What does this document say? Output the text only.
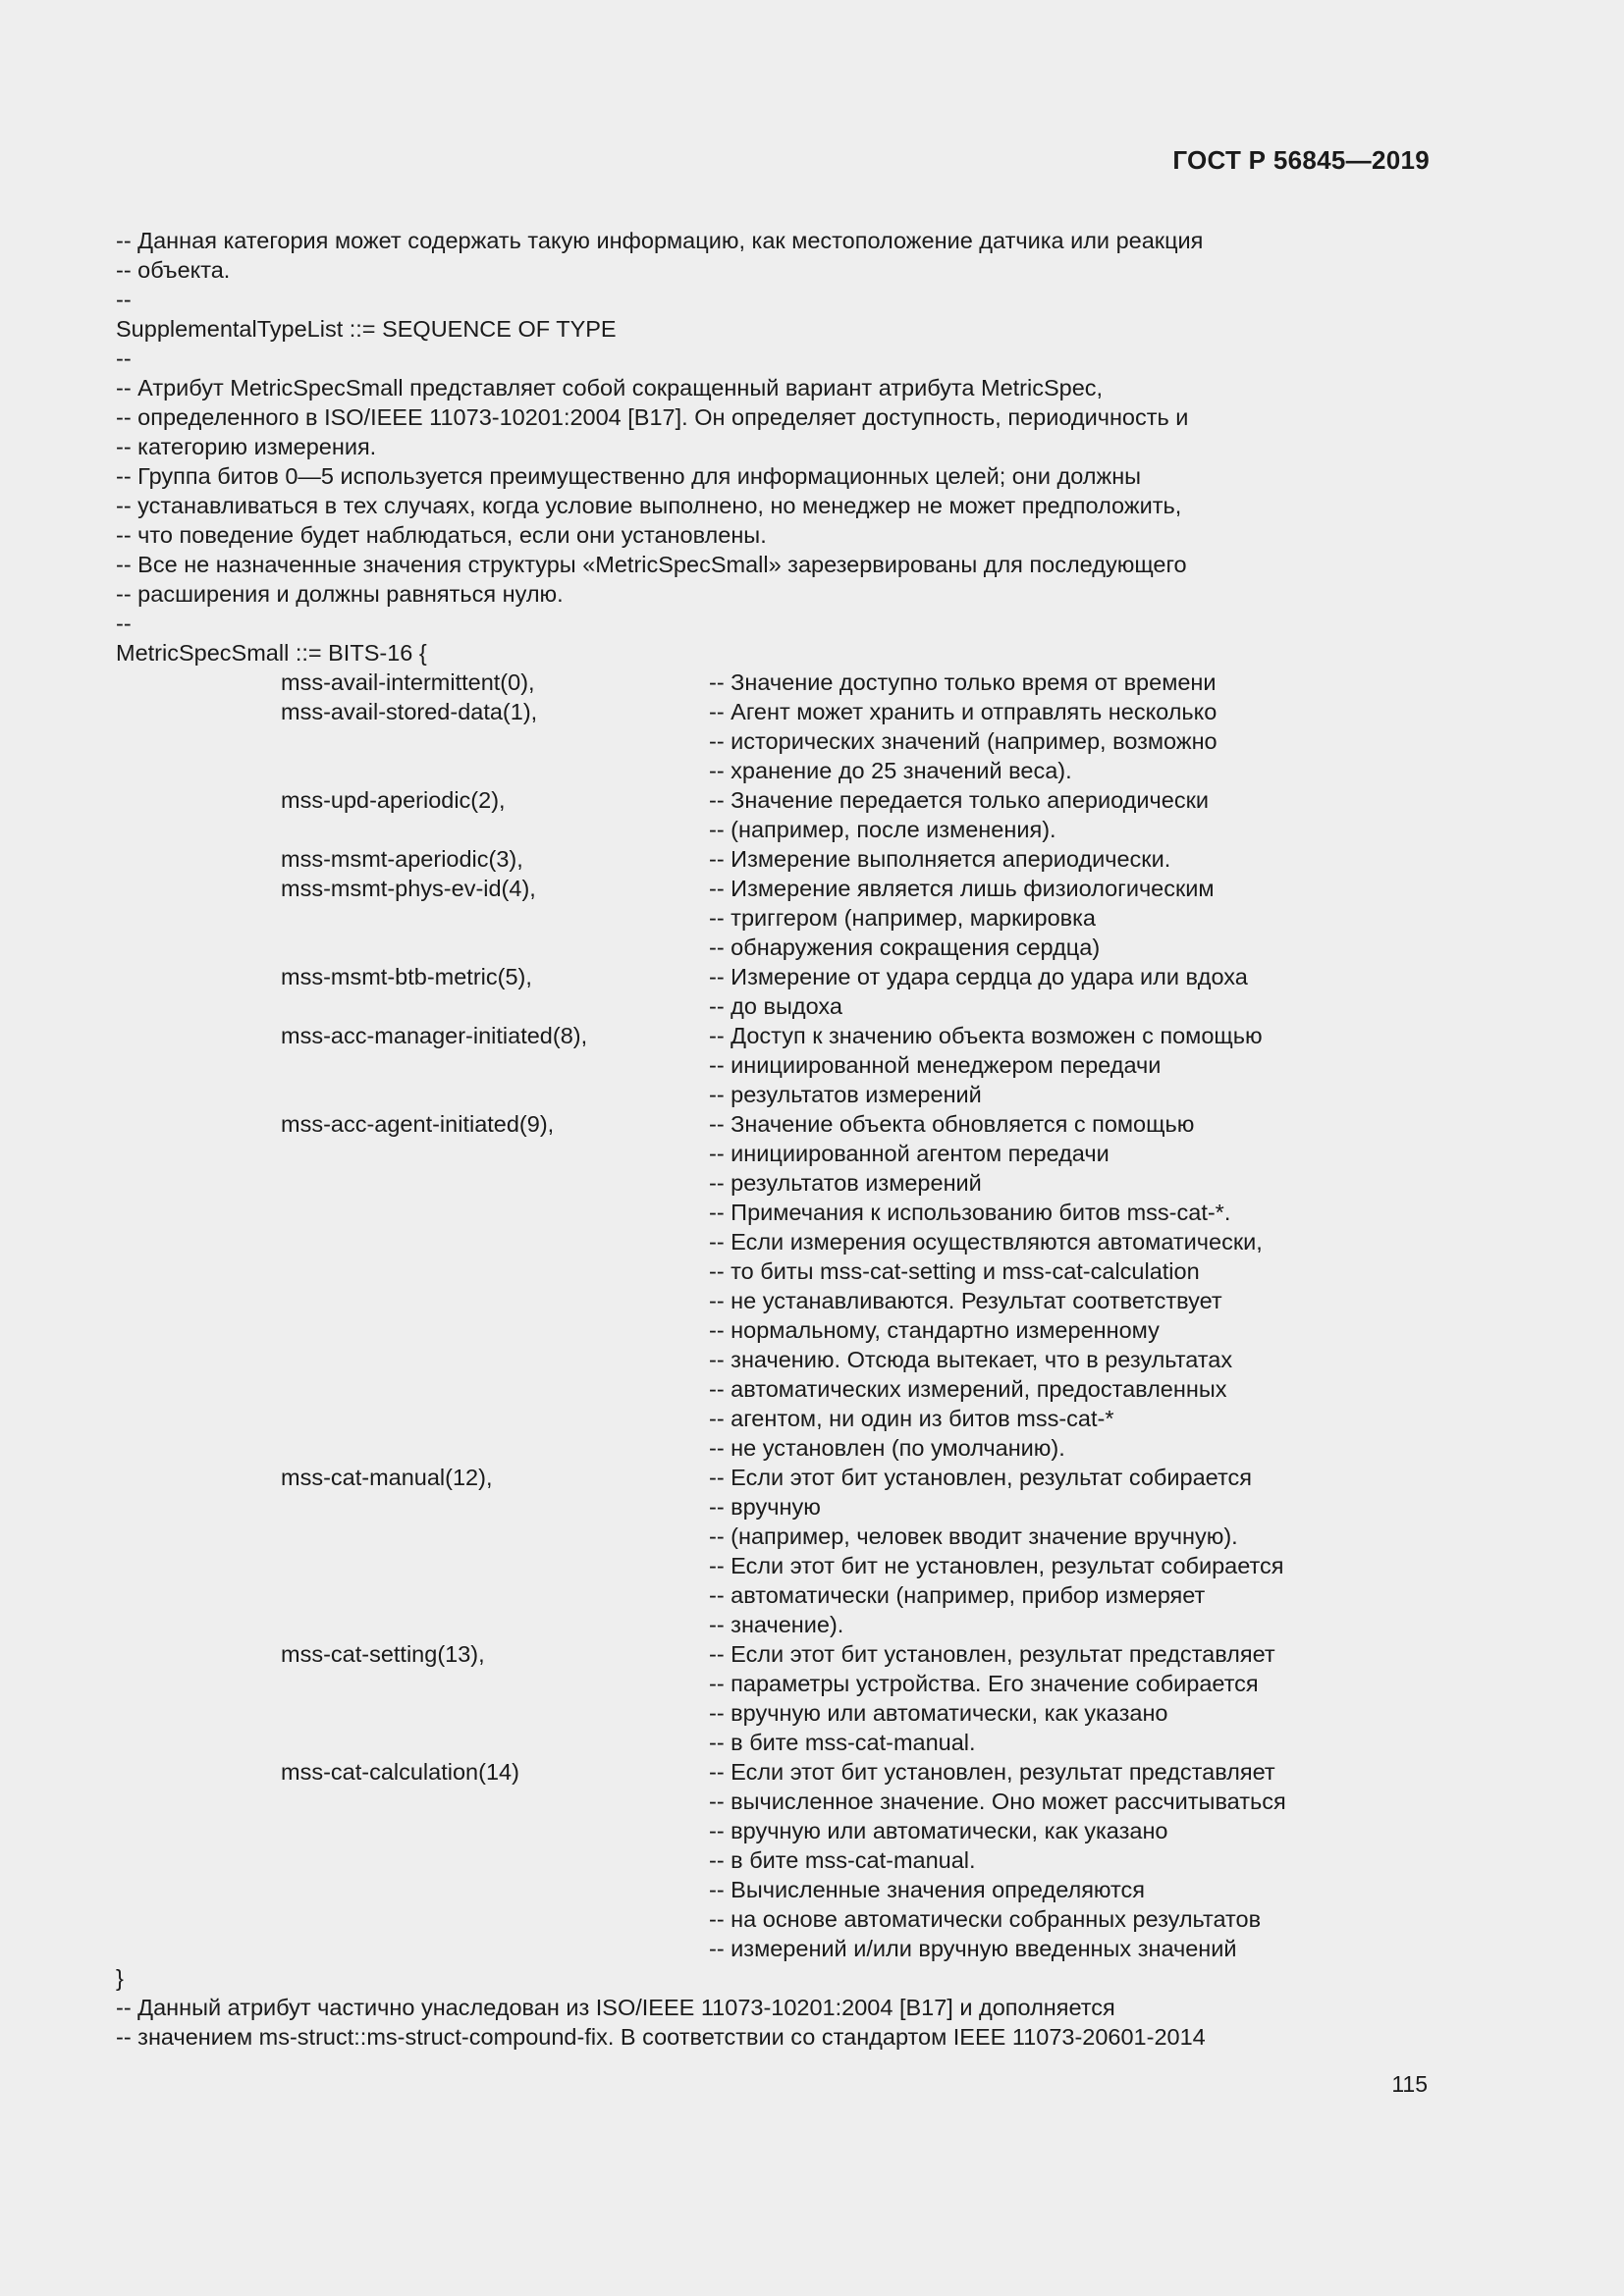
ГОСТ Р 56845—2019
-- Данная категория может содержать такую информацию, как местоположение датчика или реакция
-- объекта.
--
SupplementalTypeList ::= SEQUENCE OF TYPE
--
-- Атрибут MetricSpecSmall представляет собой сокращенный вариант атрибута MetricSpec,
-- определенного в ISO/IEEE 11073-10201:2004 [B17]. Он определяет доступность, периодичность и
-- категорию измерения.
-- Группа битов 0—5 используется преимущественно для информационных целей; они должны
-- устанавливаться в тех случаях, когда условие выполнено, но менеджер не может предположить,
-- что поведение будет наблюдаться, если они установлены.
-- Все не назначенные значения структуры «MetricSpecSmall» зарезервированы для последующего
-- расширения и должны равняться нулю.
--
MetricSpecSmall ::= BITS-16 {
mss-avail-intermittent(0),	-- Значение доступно только время от времени
mss-avail-stored-data(1),	-- Агент может хранить и отправлять несколько
-- исторических значений (например, возможно
-- хранение до 25 значений веса).
mss-upd-aperiodic(2),	-- Значение передается только апериодически
-- (например, после изменения).
mss-msmt-aperiodic(3),	-- Измерение выполняется апериодически.
mss-msmt-phys-ev-id(4),	-- Измерение является лишь физиологическим
-- триггером (например, маркировка
-- обнаружения сокращения сердца)
mss-msmt-btb-metric(5),	-- Измерение от удара сердца до удара или вдоха
-- до выдоха
mss-acc-manager-initiated(8),	-- Доступ к значению объекта возможен с помощью
-- инициированной менеджером передачи
-- результатов измерений
mss-acc-agent-initiated(9),	-- Значение объекта обновляется с помощью
-- инициированной агентом передачи
-- результатов измерений
-- Примечания к использованию битов mss-cat-*.
-- Если измерения осуществляются автоматически,
-- то биты mss-cat-setting и mss-cat-calculation
-- не устанавливаются. Результат соответствует
-- нормальному, стандартно измеренному
-- значению. Отсюда вытекает, что в результатах
-- автоматических измерений, предоставленных
-- агентом, ни один из битов mss-cat-*
-- не установлен (по умолчанию).
mss-cat-manual(12),	-- Если этот бит установлен, результат собирается
-- вручную
-- (например, человек вводит значение вручную).
-- Если этот бит не установлен, результат собирается
-- автоматически (например, прибор измеряет
-- значение).
mss-cat-setting(13),	-- Если этот бит установлен, результат представляет
-- параметры устройства. Его значение собирается
-- вручную или автоматически, как указано
-- в бите mss-cat-manual.
mss-cat-calculation(14)	-- Если этот бит установлен, результат представляет
-- вычисленное значение. Оно может рассчитываться
-- вручную или автоматически, как указано
-- в бите mss-cat-manual.
-- Вычисленные значения определяются
-- на основе автоматически собранных результатов
-- измерений и/или вручную введенных значений
}
-- Данный атрибут частично унаследован из ISO/IEEE 11073-10201:2004 [B17] и дополняется
-- значением ms-struct::ms-struct-compound-fix. В соответствии со стандартом IEEE 11073-20601-2014
115
